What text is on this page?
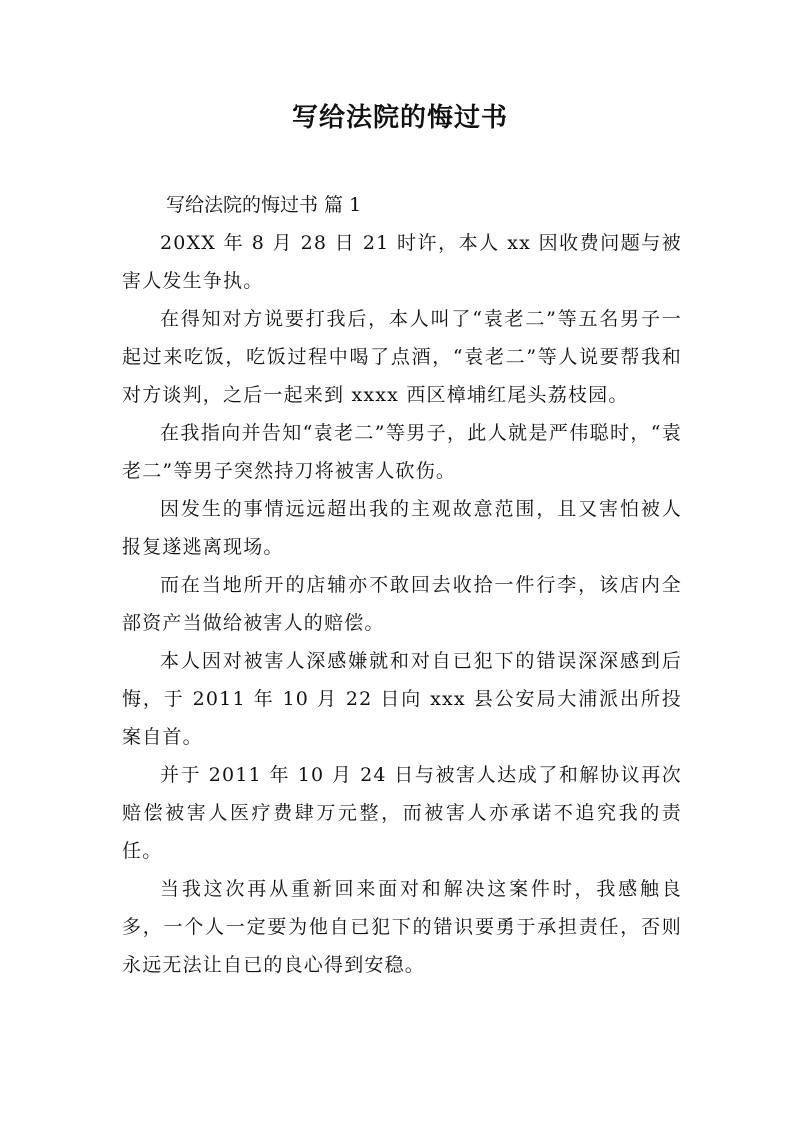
写给法院的悔过书

写给法院的悔过书 篇 1

20XX 年 8 月 28 日 21 时许，本人 xx 因收费问题与被害人发生争执。

在得知对方说要打我后，本人叫了“袁老二”等五名男子一起过来吃饭，吃饭过程中喝了点酒，“袁老二”等人说要帮我和对方谈判，之后一起来到 xxxx 西区樟埔红尾头荔枝园。

在我指向并告知“袁老二”等男子，此人就是严伟聪时，“袁老二”等男子突然持刀将被害人砍伤。

因发生的事情远远超出我的主观故意范围，且又害怕被人报复遂逃离现场。

而在当地所开的店辅亦不敢回去收拾一件行李，该店内全部资产当做给被害人的赔偿。

本人因对被害人深感嫌就和对自已犯下的错误深深感到后悔，于 2011 年 10 月 22 日向 xxx 县公安局大浦派出所投案自首。

并于 2011 年 10 月 24 日与被害人达成了和解协议再次赔偿被害人医疗费肆万元整，而被害人亦承诺不追究我的责任。

当我这次再从重新回来面对和解决这案件时，我感触良多，一个人一定要为他自已犯下的错识要勇于承担责任，否则永远无法让自已的良心得到安稳。
